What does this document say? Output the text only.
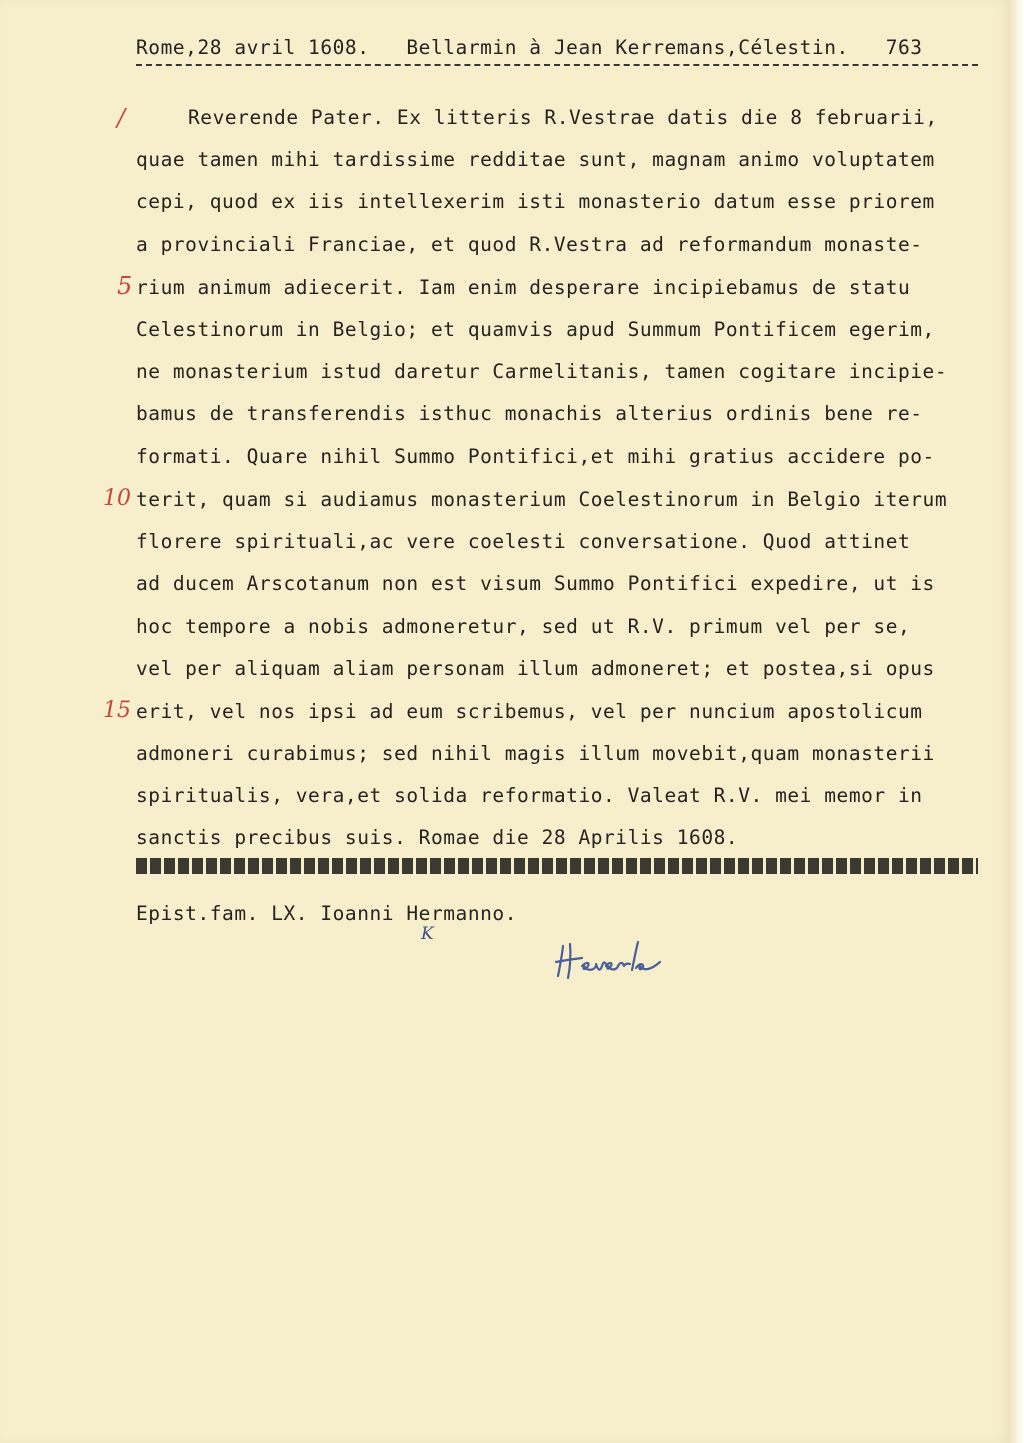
Rome,28 avril 1608. Bellarmin à Jean Kerremans,Célestin. 763
Reverende Pater. Ex litteris R.Vestrae datis die 8 februarii,
quae tamen mihi tardissime redditae sunt, magnam animo voluptatem
cepi, quod ex iis intellexerim isti monasterio datum esse priorem
a provinciali Franciae, et quod R.Vestra ad reformandum monaste-
rium animum adiecerit. Iam enim desperare incipiebamus de statu
Celestinorum in Belgio; et quamvis apud Summum Pontificem egerim,
ne monasterium istud daretur Carmelitanis, tamen cogitare incipie-
bamus de transferendis isthuc monachis alterius ordinis bene re-
formati. Quare nihil Summo Pontifici,et mihi gratius accidere po-
terit, quam si audiamus monasterium Coelestinorum in Belgio iterum
florere spirituali,ac vere coelesti conversatione. Quod attinet
ad ducem Arscotanum non est visum Summo Pontifici expedire, ut is
hoc tempore a nobis admoneretur, sed ut R.V. primum vel per se,
vel per aliquam aliam personam illum admoneret; et postea,si opus
erit, vel nos ipsi ad eum scribemus, vel per nuncium apostolicum
admoneri curabimus; sed nihil magis illum movebit,quam monasterii
spiritualis, vera,et solida reformatio. Valeat R.V. mei memor in
sanctis precibus suis. Romae die 28 Aprilis 1608.
Epist.fam. LX. Ioanni Hermanno.
/
5
10
15
K
